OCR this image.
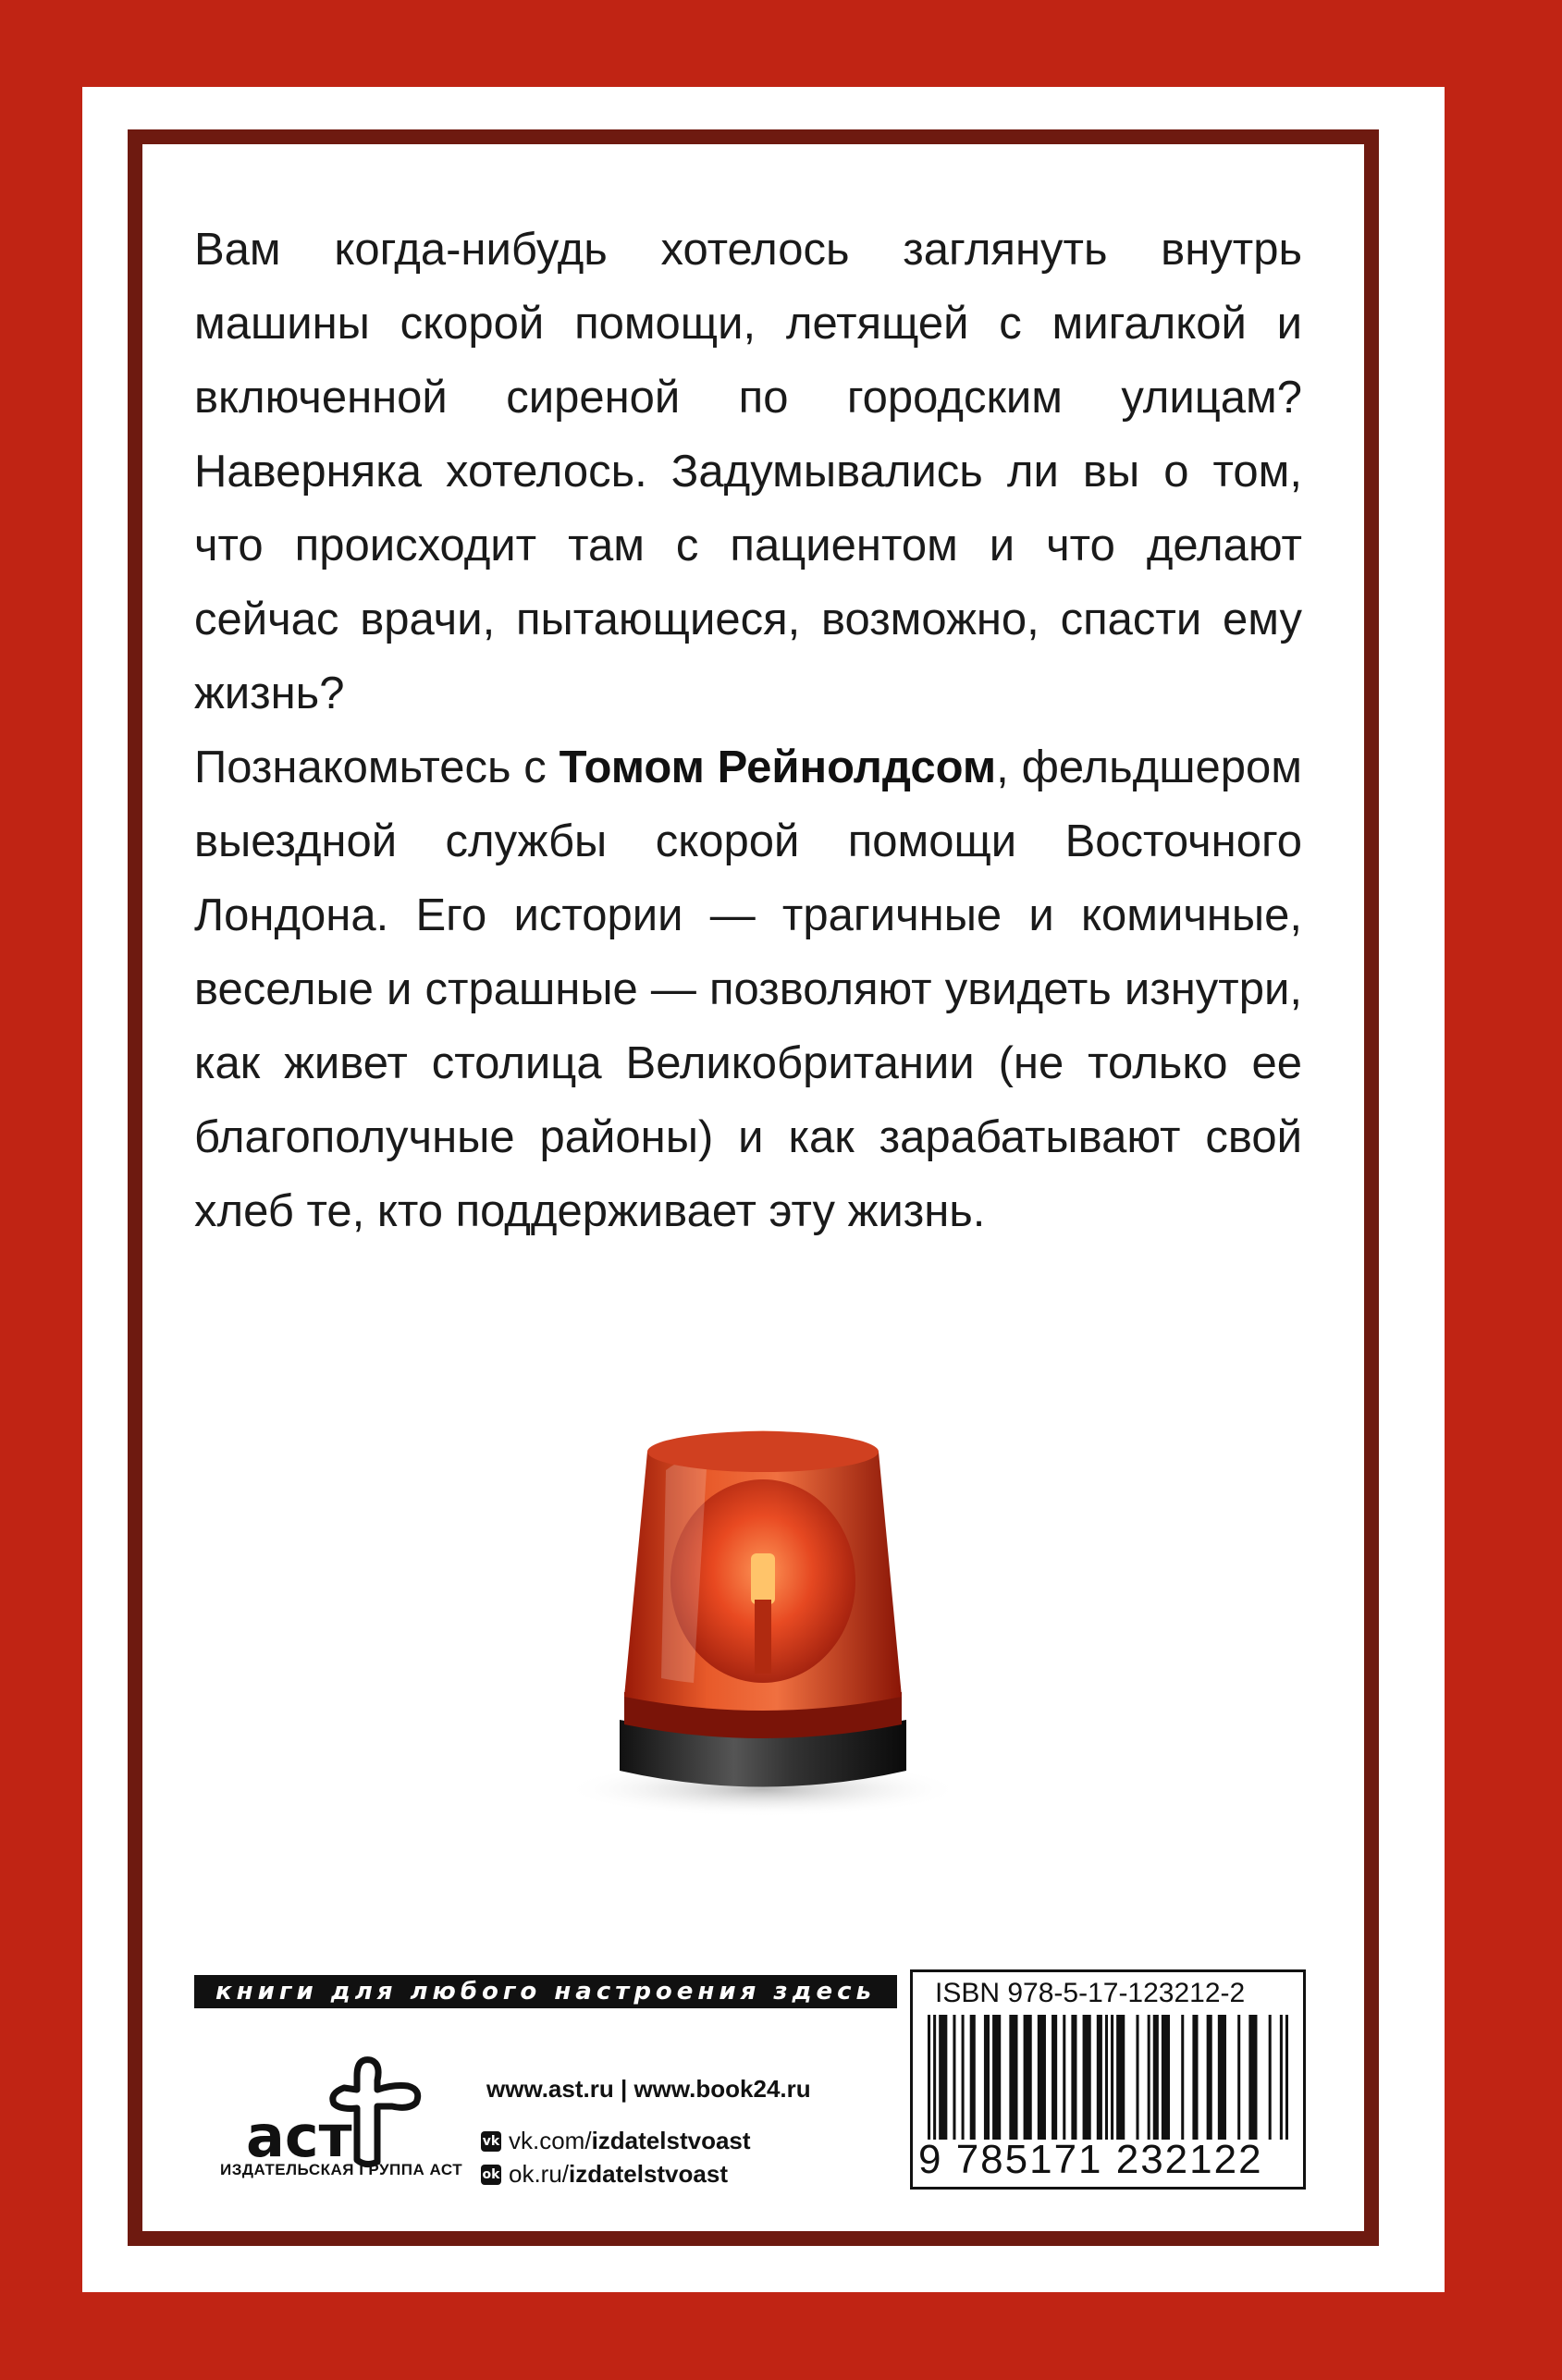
Вам когда-нибудь хотелось заглянуть внутрь машины скорой помощи, летящей с мигалкой и включенной сиреной по городским улицам? Наверняка хотелось. Задумывались ли вы о том, что происходит там с пациентом и что делают сейчас врачи, пытающиеся, возможно, спасти ему жизнь?

Познакомьтесь с Томом Рейнолдсом, фельдшером выездной службы скорой помощи Восточного Лондона. Его истории — трагичные и комичные, веселые и страшные — позволяют увидеть изнутри, как живет столица Великобритании (не только ее благополучные районы) и как зарабатывают свой хлеб те, кто поддерживает эту жизнь.

книги для любого настроения здесь
аст
ИЗДАТЕЛЬСКАЯ ГРУППА АСТ
www.ast.ru | www.book24.ru
vk vk.com/ izdatelstvoast
ok ok.ru/ izdatelstvoast
ISBN 978-5-17-123212-2
9 785171 232122
